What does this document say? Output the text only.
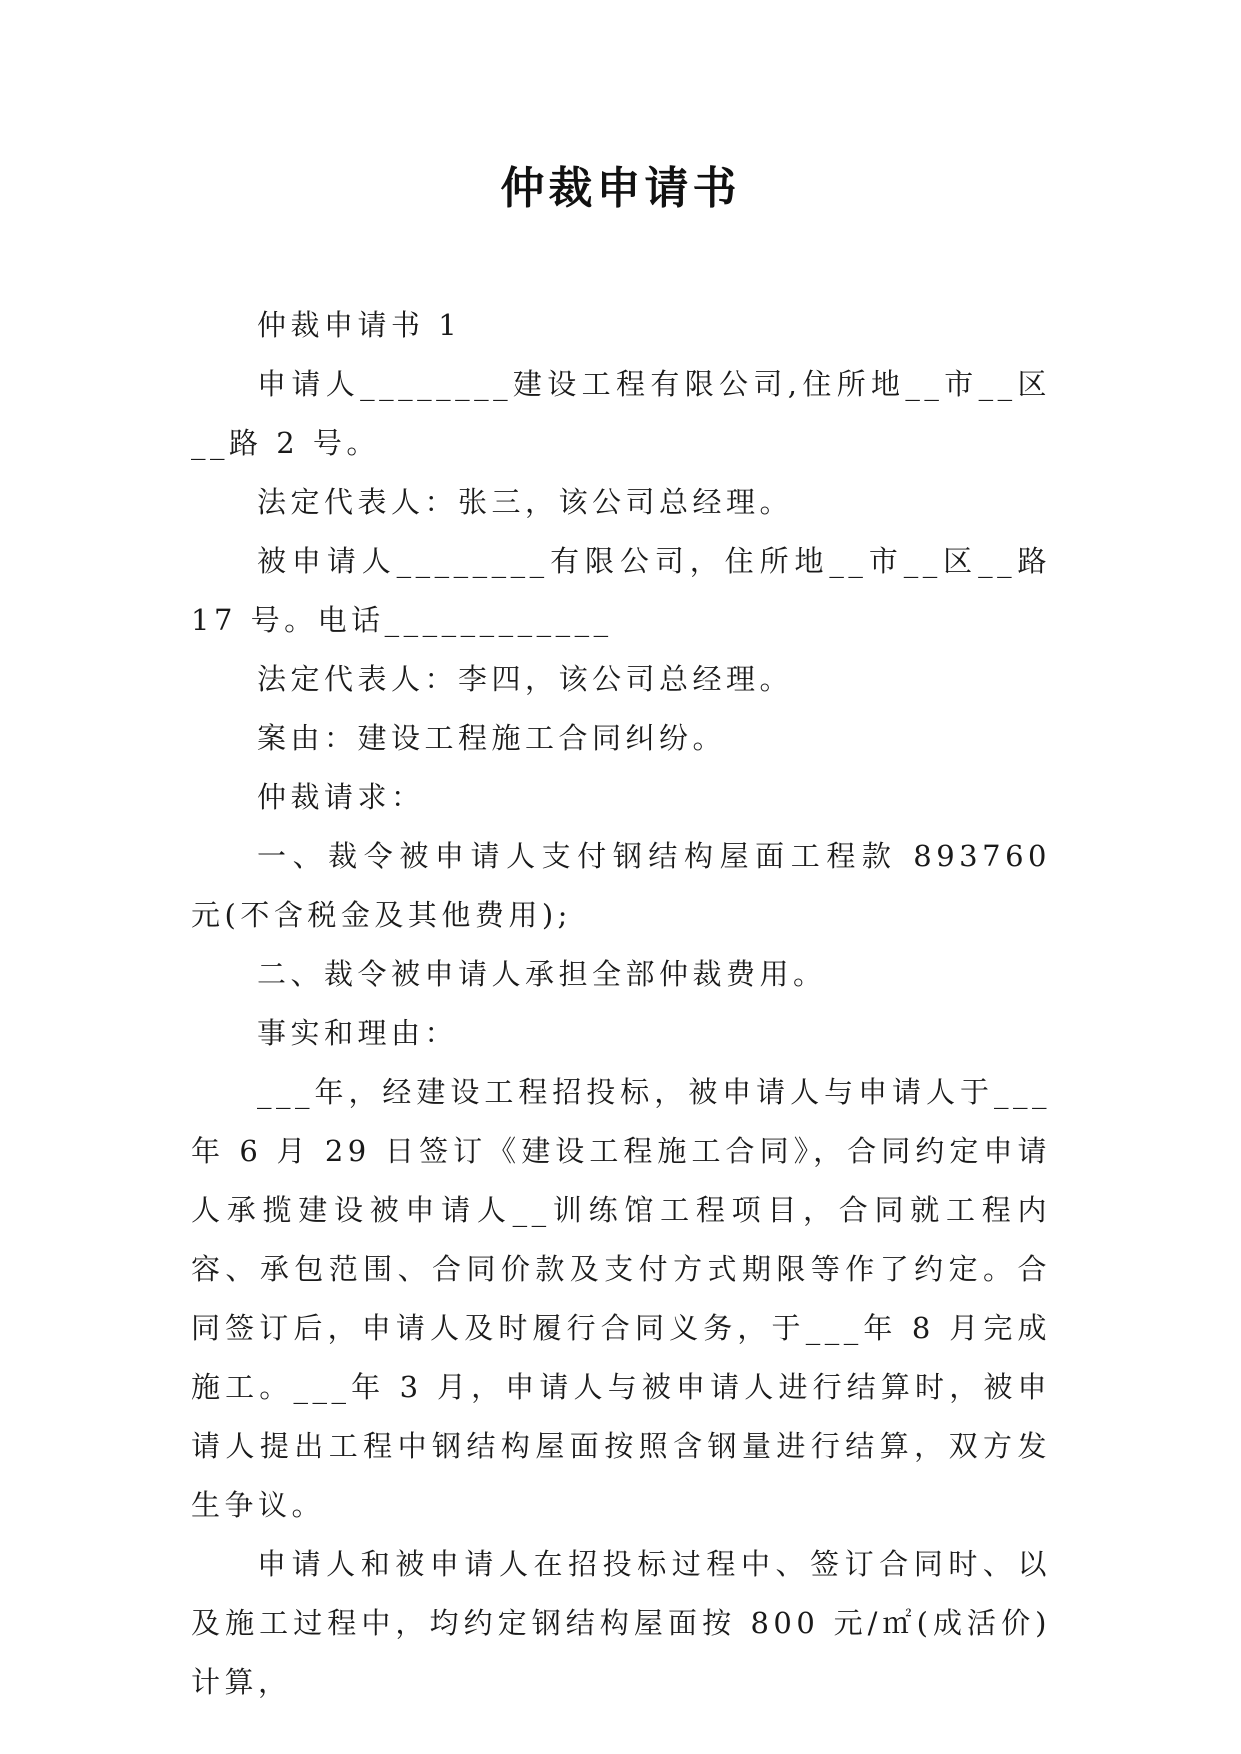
仲裁申请书

仲裁申请书 1

申请人________建设工程有限公司,住所地__市__区__路 2 号。

法定代表人：张三，该公司总经理。

被申请人________有限公司，住所地__市__区__路 17 号。电话____________

法定代表人：李四，该公司总经理。

案由：建设工程施工合同纠纷。

仲裁请求：

一、裁令被申请人支付钢结构屋面工程款 893760 元(不含税金及其他费用);

二、裁令被申请人承担全部仲裁费用。

事实和理由：

___年，经建设工程招投标，被申请人与申请人于___年 6 月 29 日签订《建设工程施工合同》，合同约定申请人承揽建设被申请人__训练馆工程项目，合同就工程内容、承包范围、合同价款及支付方式期限等作了约定。合同签订后，申请人及时履行合同义务，于___年 8 月完成施工。___年 3 月，申请人与被申请人进行结算时，被申请人提出工程中钢结构屋面按照含钢量进行结算，双方发生争议。

申请人和被申请人在招投标过程中、签订合同时、以及施工过程中，均约定钢结构屋面按 800 元/㎡(成活价)计算，
